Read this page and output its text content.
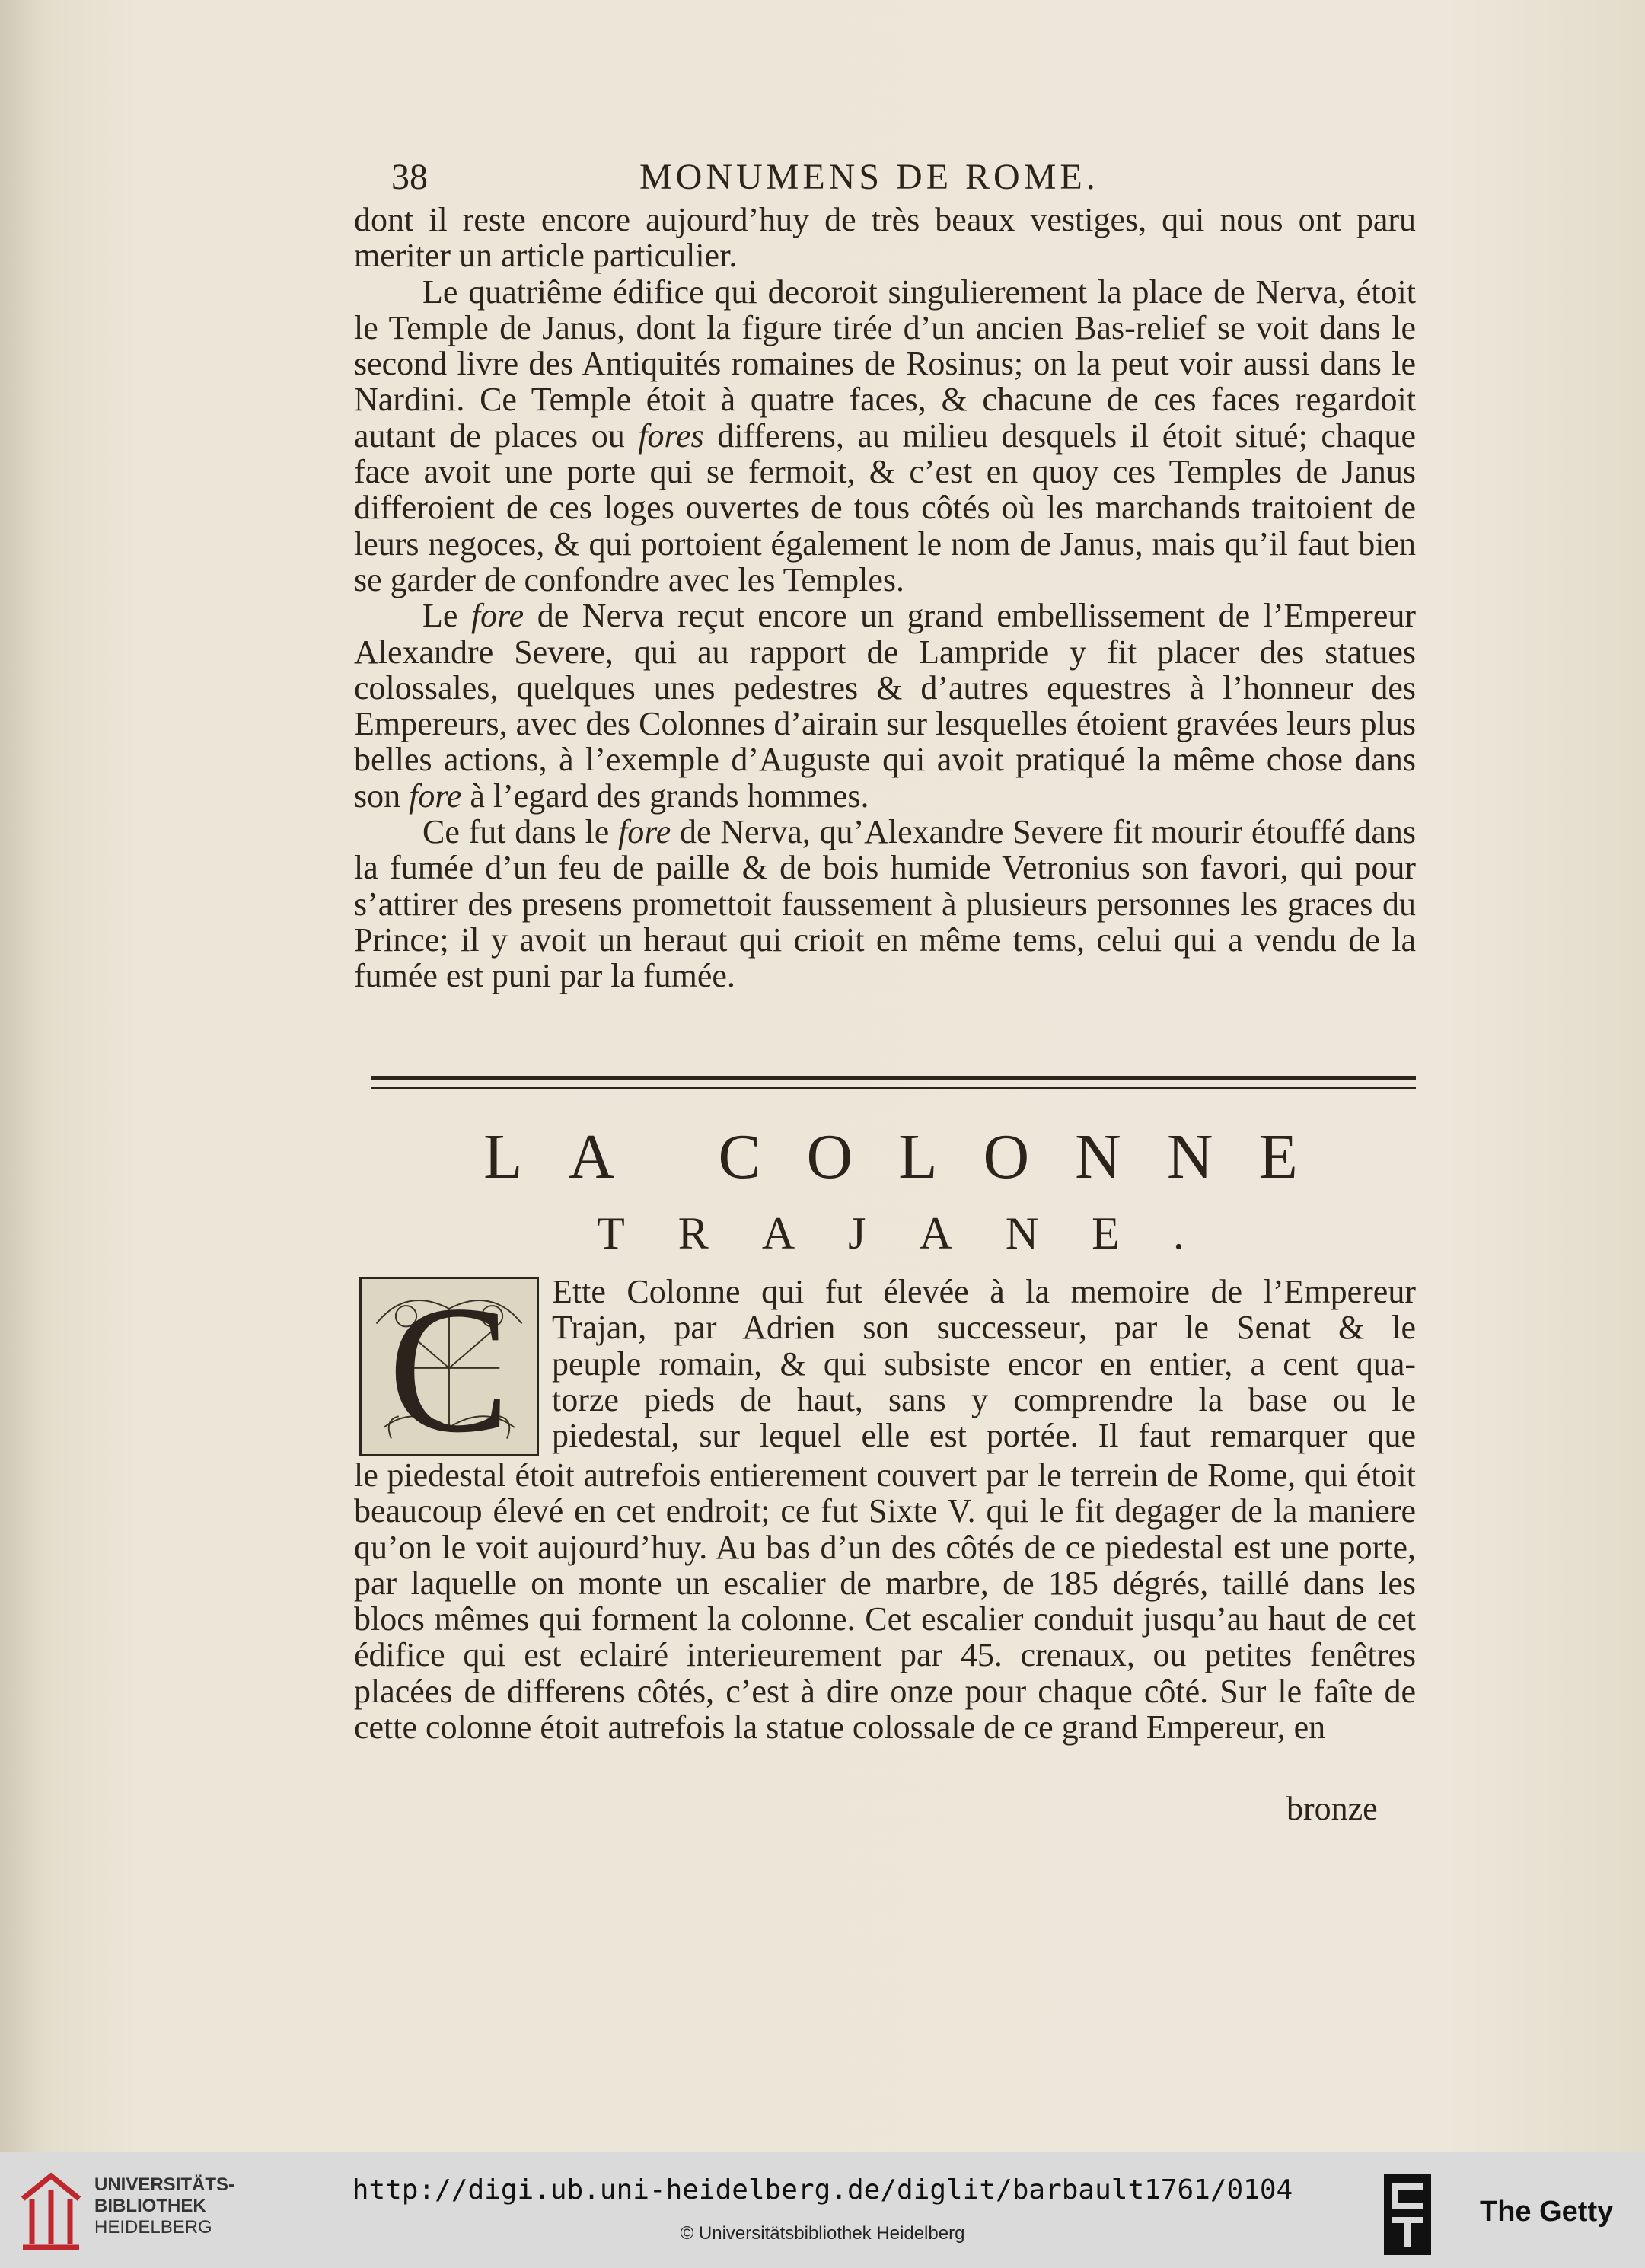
38	MONUMENS DE ROME.

dont il reste encore aujourd’huy de très beaux vestiges, qui nous ont paru meriter un article particulier.

Le quatriême édifice qui decoroit singulierement la place de Nerva, étoit le Temple de Janus, dont la figure tirée d’un ancien Bas-relief se voit dans le second livre des Antiquités romaines de Rosinus; on la peut voir aussi dans le Nardini. Ce Temple étoit à quatre faces, & chacune de ces faces regardoit autant de places ou fores differens, au milieu desquels il étoit situé; chaque face avoit une porte qui se fermoit, & c’est en quoy ces Temples de Janus differoient de ces loges ouvertes de tous côtés où les marchands traitoient de leurs negoces, & qui portoient également le nom de Janus, mais qu’il faut bien se garder de confondre avec les Temples.

Le fore de Nerva reçut encore un grand embellissement de l’Empereur Alexandre Severe, qui au rapport de Lampride y fit placer des statues colossales, quelques unes pedestres & d’autres equestres à l’honneur des Empereurs, avec des Colonnes d’airain sur lesquelles étoient gravées leurs plus belles actions, à l’exemple d’Auguste qui avoit pratiqué la même chose dans son fore à l’egard des grands hommes.

Ce fut dans le fore de Nerva, qu’Alexandre Severe fit mourir étouffé dans la fumée d’un feu de paille & de bois humide Vetronius son favori, qui pour s’attirer des presens promettoit faussement à plusieurs personnes les graces du Prince; il y avoit un heraut qui crioit en même tems, celui qui a vendu de la fumée est puni par la fumée.

LA COLONNE
TRAJANE.
C	Ette Colonne qui fut élevée à la memoire de l’Empereur
Trajan, par Adrien son successeur, par le Senat & le
peuple romain, & qui subsiste encor en entier, a cent qua-
torze pieds de haut, sans y comprendre la base ou le
piedestal, sur lequel elle est portée. Il faut remarquer que

le piedestal étoit autrefois entierement couvert par le terrein de Rome, qui étoit beaucoup élevé en cet endroit; ce fut Sixte V. qui le fit degager de la maniere qu’on le voit aujourd’huy. Au bas d’un des côtés de ce piedestal est une porte, par laquelle on monte un escalier de marbre, de 185 dégrés, taillé dans les blocs mêmes qui forment la colonne. Cet escalier conduit jusqu’au haut de cet édifice qui est eclairé interieurement par 45. crenaux, ou petites fenêtres placées de differens côtés, c’est à dire onze pour chaque côté. Sur le faîte de cette colonne étoit autrefois la statue colossale de ce grand Empereur, en

bronze
UNIVERSITÄTS-
BIBLIOTHEK
HEIDELBERG
http://digi.ub.uni-heidelberg.de/diglit/barbault1761/0104
© Universitätsbibliothek Heidelberg
The Getty
